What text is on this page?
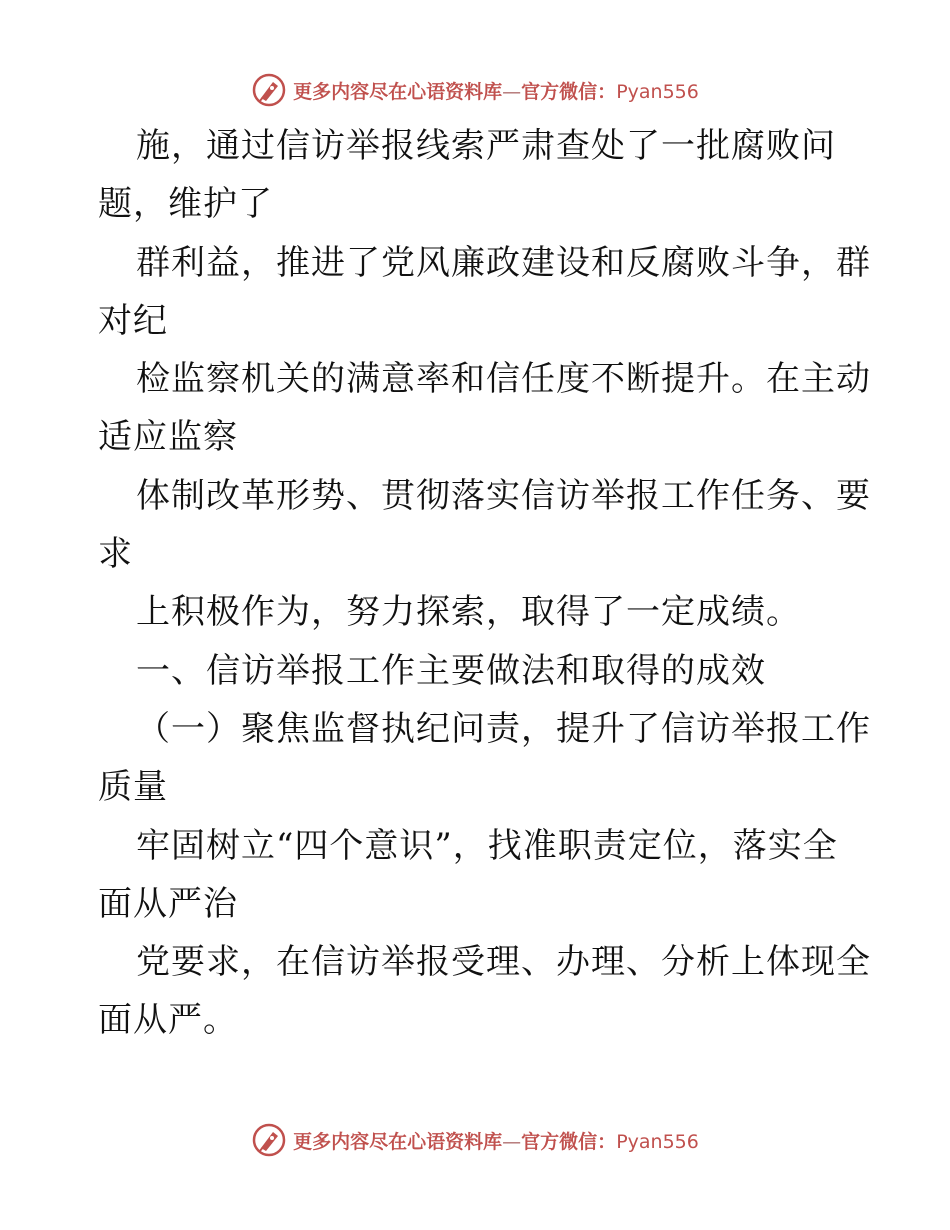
更多内容尽在心语资料库—官方微信：Pyan556
施，通过信访举报线索严肃查处了一批腐败问
题，维护了
群利益，推进了党风廉政建设和反腐败斗争，群
对纪
检监察机关的满意率和信任度不断提升。在主动
适应监察
体制改革形势、贯彻落实信访举报工作任务、要
求
上积极作为，努力探索，取得了一定成绩。
一、信访举报工作主要做法和取得的成效
（一）聚焦监督执纪问责，提升了信访举报工作
质量
牢固树立“四个意识”，找准职责定位，落实全
面从严治
党要求，在信访举报受理、办理、分析上体现全
面从严。
更多内容尽在心语资料库—官方微信：Pyan556
